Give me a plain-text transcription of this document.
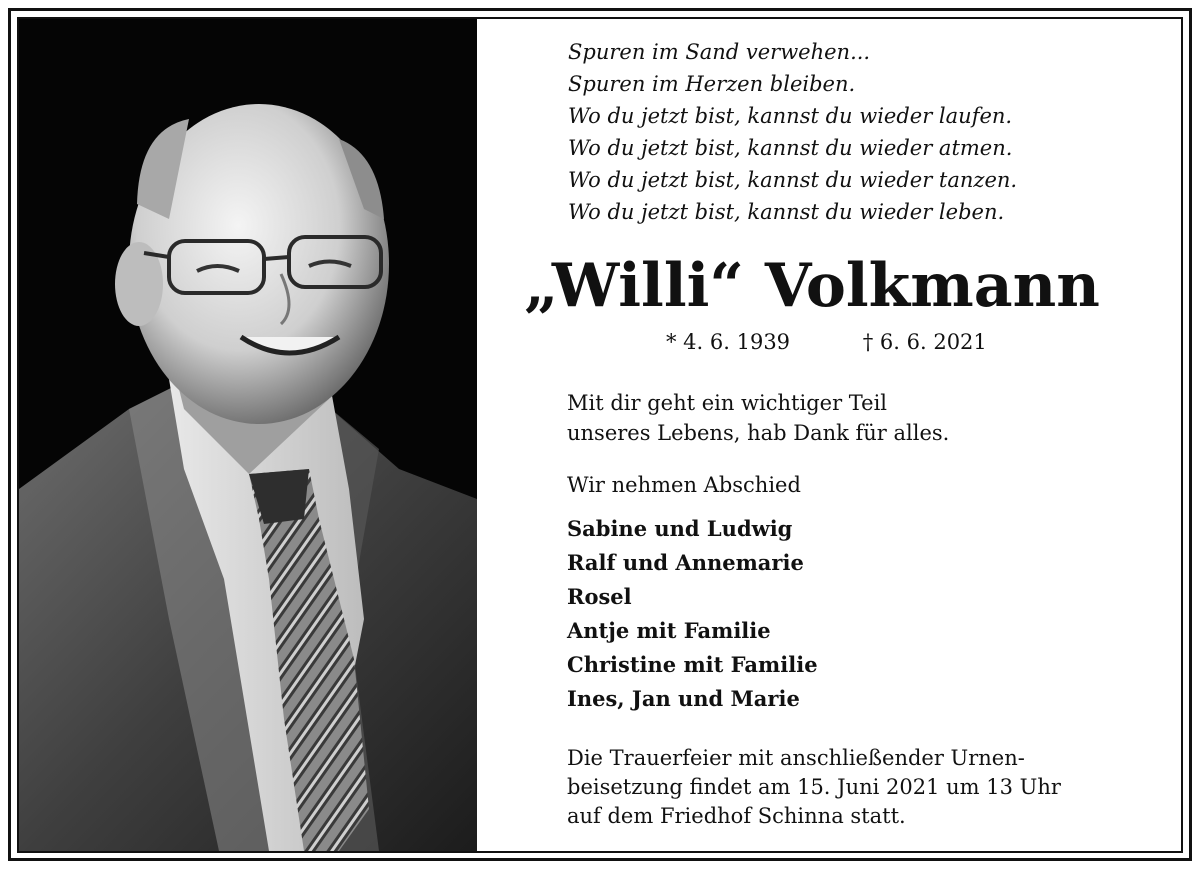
Spuren im Sand verwehen...
Spuren im Herzen bleiben.
Wo du jetzt bist, kannst du wieder laufen.
Wo du jetzt bist, kannst du wieder atmen.
Wo du jetzt bist, kannst du wieder tanzen.
Wo du jetzt bist, kannst du wieder leben.
„Willi“ Volkmann
* 4. 6. 1939	† 6. 6. 2021
Mit dir geht ein wichtiger Teil
unseres Lebens, hab Dank für alles.
Wir nehmen Abschied
Sabine und Ludwig
Ralf und Annemarie
Rosel
Antje mit Familie
Christine mit Familie
Ines, Jan und Marie
Die Trauerfeier mit anschließender Urnen-
beisetzung findet am 15. Juni 2021 um 13 Uhr
auf dem Friedhof Schinna statt.
